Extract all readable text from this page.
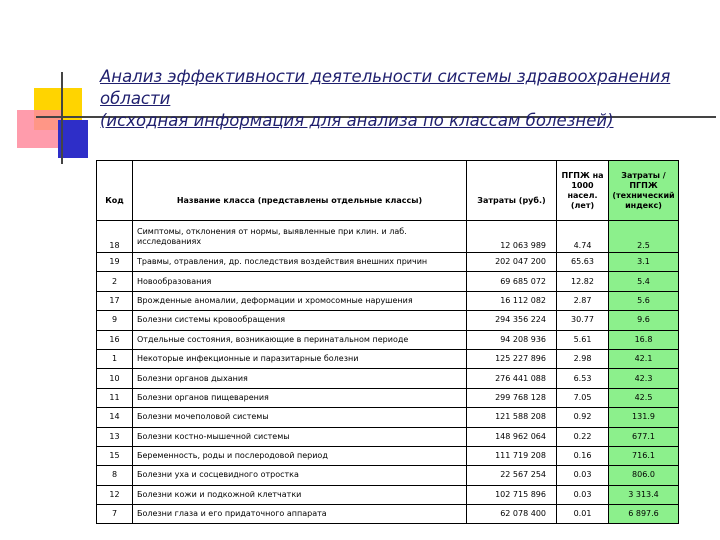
Анализ эффективности деятельности системы здравоохранения
области
(исходная информация для анализа по классам болезней)
Код	Название класса (представлены отдельные классы)	Затраты (руб.)	ПГПЖ на 1000 насел. (лет)	Затраты / ПГПЖ (технический индекс)
18	Симптомы, отклонения от нормы, выявленные при клин. и лаб. исследованиях	12 063 989	4.74	2.5
19	Травмы, отравления, др. последствия воздействия внешних причин	202 047 200	65.63	3.1
2	Новообразования	69 685 072	12.82	5.4
17	Врожденные аномалии, деформации и хромосомные нарушения	16 112 082	2.87	5.6
9	Болезни системы кровообращения	294 356 224	30.77	9.6
16	Отдельные состояния, возникающие в перинатальном периоде	94 208 936	5.61	16.8
1	Некоторые инфекционные и паразитарные болезни	125 227 896	2.98	42.1
10	Болезни органов дыхания	276 441 088	6.53	42.3
11	Болезни органов пищеварения	299 768 128	7.05	42.5
14	Болезни мочеполовой системы	121 588 208	0.92	131.9
13	Болезни костно-мышечной системы	148 962 064	0.22	677.1
15	Беременность, роды и послеродовой период	111 719 208	0.16	716.1
8	Болезни уха и сосцевидного отростка	22 567 254	0.03	806.0
12	Болезни кожи и подкожной клетчатки	102 715 896	0.03	3 313.4
7	Болезни глаза и его придаточного аппарата	62 078 400	0.01	6 897.6
